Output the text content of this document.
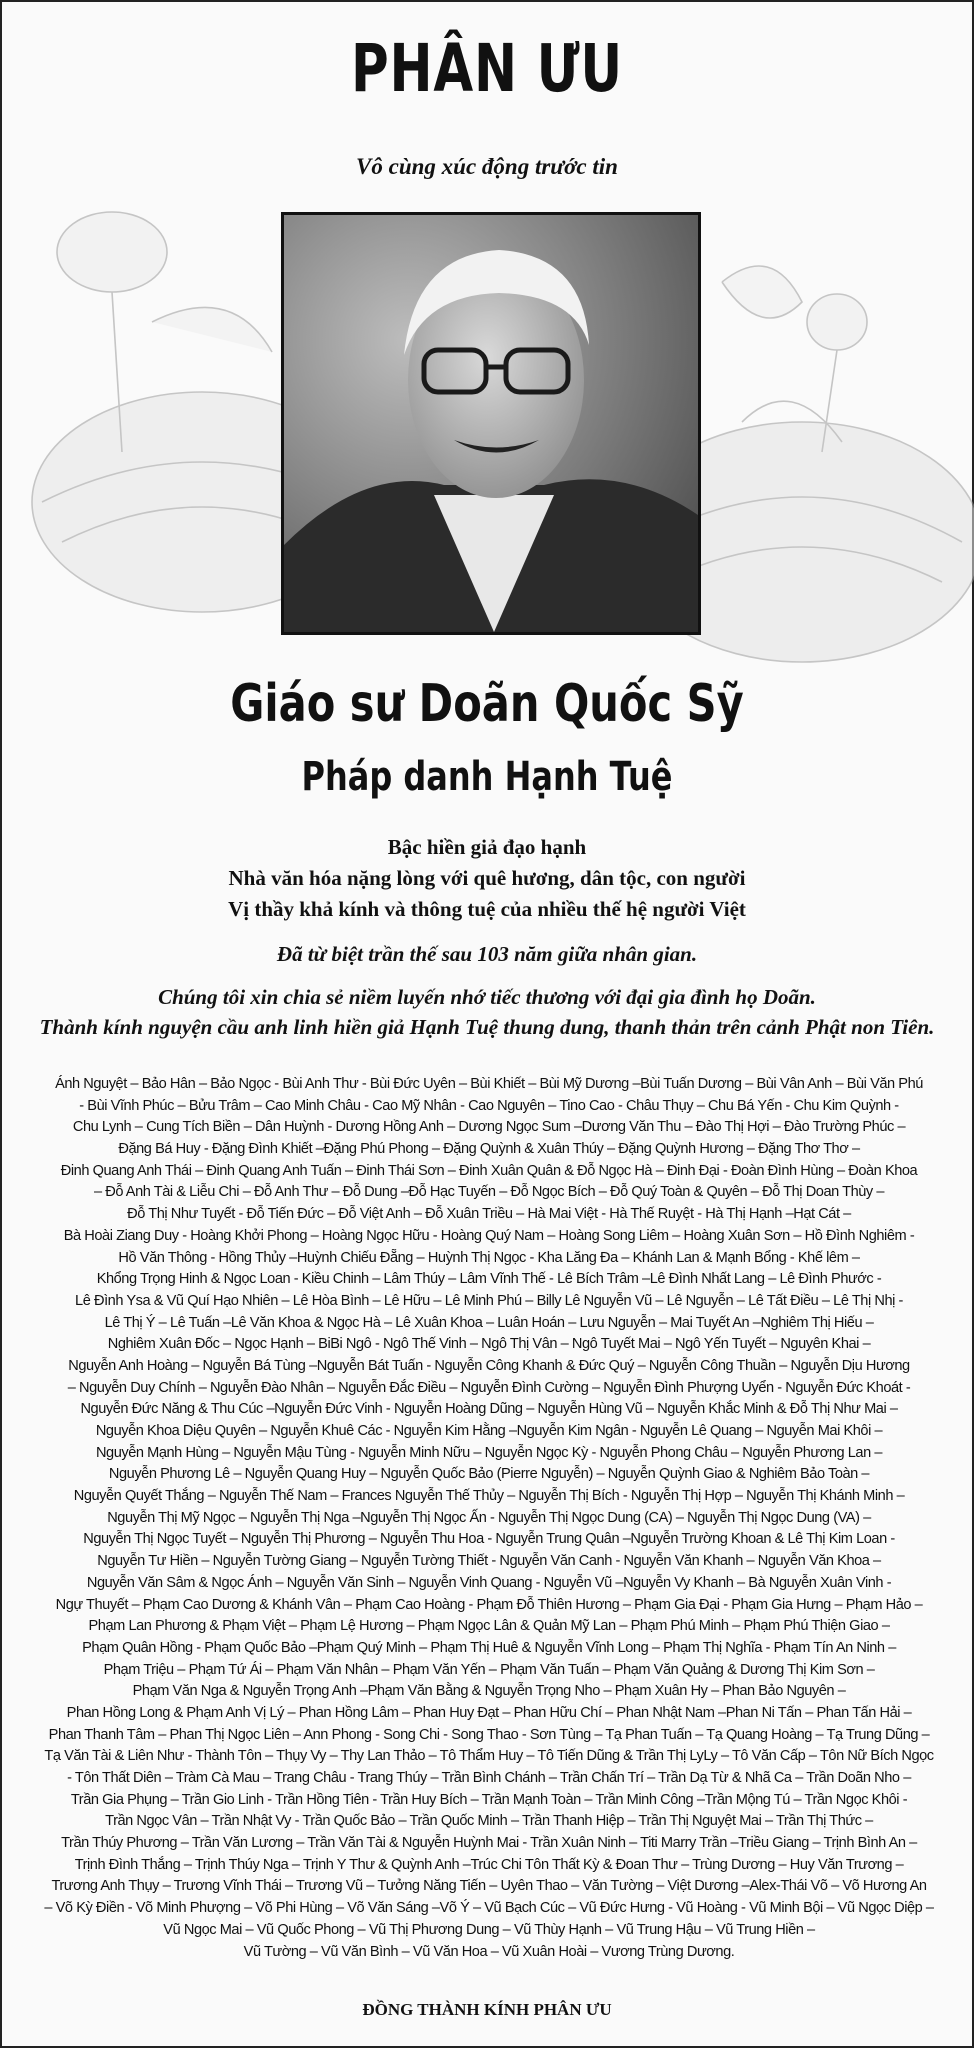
PHÂN ƯU
Vô cùng xúc động trước tin
Giáo sư Doãn Quốc Sỹ
Pháp danh Hạnh Tuệ
Bậc hiền giả đạo hạnh
Nhà văn hóa nặng lòng với quê hương, dân tộc, con người
Vị thầy khả kính và thông tuệ của nhiều thế hệ người Việt
Đã từ biệt trần thế sau 103 năm giữa nhân gian.
Chúng tôi xin chia sẻ niềm luyến nhớ tiếc thương với đại gia đình họ Doãn.
Thành kính nguyện cầu anh linh hiền giả Hạnh Tuệ thung dung, thanh thản trên cảnh Phật non Tiên.
Ánh Nguyệt – Bảo Hân – Bảo Ngọc - Bùi Anh Thư - Bùi Đức Uyên – Bùi Khiết – Bùi Mỹ Dương –Bùi Tuấn Dương – Bùi Vân Anh – Bùi Văn Phú
- Bùi Vĩnh Phúc – Bửu Trâm – Cao Minh Châu - Cao Mỹ Nhân - Cao Nguyên – Tino Cao - Châu Thụy – Chu Bá Yến - Chu Kim Quỳnh -
Chu Lynh – Cung Tích Biền – Dân Huỳnh - Dương Hồng Anh – Dương Ngọc Sum –Dương Văn Thu – Đào Thị Hợi – Đào Trường Phúc –
Đặng Bá Huy - Đặng Đình Khiết –Đặng Phú Phong – Đặng Quỳnh & Xuân Thúy – Đặng Quỳnh Hương – Đặng Thơ Thơ –
Đinh Quang Anh Thái – Đinh Quang Anh Tuấn – Đinh Thái Sơn – Đinh Xuân Quân & Đỗ Ngọc Hà – Đinh Đại - Đoàn Đình Hùng – Đoàn Khoa
– Đỗ Anh Tài & Liễu Chi – Đỗ Anh Thư – Đỗ Dung –Đỗ Hạc Tuyến – Đỗ Ngọc Bích – Đỗ Quý Toàn & Quyên – Đỗ Thị Doan Thùy –
Đỗ Thị Như Tuyết - Đỗ Tiến Đức – Đỗ Việt Anh – Đỗ Xuân Triều – Hà Mai Việt - Hà Thế Ruyệt - Hà Thị Hạnh –Hạt Cát –
Bà Hoài Ziang Duy - Hoàng Khởi Phong – Hoàng Ngọc Hữu - Hoàng Quý Nam – Hoàng Song Liêm – Hoàng Xuân Sơn – Hồ Đình Nghiêm -
Hồ Văn Thông - Hồng Thủy –Huỳnh Chiếu Đẵng – Huỳnh Thị Ngọc - Kha Lăng Đa – Khánh Lan & Mạnh Bổng - Khế lêm –
Khổng Trọng Hinh & Ngọc Loan - Kiều Chinh – Lâm Thúy – Lâm Vĩnh Thế - Lê Bích Trâm –Lê Đình Nhất Lang – Lê Đình Phước -
Lê Đình Ysa & Vũ Quí Hạo Nhiên – Lê Hòa Bình – Lê Hữu – Lê Minh Phú – Billy Lê Nguyễn Vũ – Lê Nguyễn – Lê Tất Điều – Lê Thị Nhị -
Lê Thị Ý – Lê Tuấn –Lê Văn Khoa & Ngọc Hà – Lê Xuân Khoa – Luân Hoán – Lưu Nguyễn – Mai Tuyết An –Nghiêm Thị Hiếu –
Nghiêm Xuân Đốc – Ngọc Hạnh – BiBi Ngô - Ngô Thế Vinh – Ngô Thị Vân – Ngô Tuyết Mai – Ngô Yến Tuyết – Nguyên Khai –
Nguyễn Anh Hoàng – Nguyễn Bá Tùng –Nguyễn Bát Tuấn - Nguyễn Công Khanh & Đức Quý – Nguyễn Công Thuần – Nguyễn Dịu Hương
– Nguyễn Duy Chính – Nguyễn Đào Nhân – Nguyễn Đắc Điều – Nguyễn Đình Cường – Nguyễn Đình Phượng Uyển - Nguyễn Đức Khoát -
Nguyễn Đức Năng & Thu Cúc –Nguyễn Đức Vinh - Nguyễn Hoàng Dũng – Nguyễn Hùng Vũ – Nguyễn Khắc Minh & Đỗ Thị Như Mai –
Nguyễn Khoa Diệu Quyên – Nguyễn Khuê Các - Nguyễn Kim Hằng –Nguyễn Kim Ngân - Nguyễn Lê Quang – Nguyễn Mai Khôi –
Nguyễn Mạnh Hùng – Nguyễn Mậu Tùng - Nguyễn Minh Nữu – Nguyễn Ngọc Kỳ - Nguyễn Phong Châu – Nguyễn Phương Lan –
Nguyễn Phương Lê – Nguyễn Quang Huy – Nguyễn Quốc Bảo (Pierre Nguyễn) – Nguyễn Quỳnh Giao & Nghiêm Bảo Toàn –
Nguyễn Quyết Thắng – Nguyễn Thế Nam – Frances Nguyễn Thế Thủy – Nguyễn Thị Bích - Nguyễn Thị Hợp – Nguyễn Thị Khánh Minh –
Nguyễn Thị Mỹ Ngọc – Nguyễn Thị Nga –Nguyễn Thị Ngọc Ấn - Nguyễn Thị Ngọc Dung (CA) – Nguyễn Thị Ngọc Dung (VA) –
Nguyễn Thị Ngọc Tuyết – Nguyễn Thị Phương – Nguyễn Thu Hoa - Nguyễn Trung Quân –Nguyễn Trường Khoan & Lê Thị Kim Loan -
Nguyễn Tư Hiền – Nguyễn Tường Giang – Nguyễn Tường Thiết - Nguyễn Văn Canh - Nguyễn Văn Khanh – Nguyễn Văn Khoa –
Nguyễn Văn Sâm & Ngọc Ánh – Nguyễn Văn Sinh – Nguyễn Vinh Quang - Nguyễn Vũ –Nguyễn Vy Khanh – Bà Nguyễn Xuân Vinh -
Ngự Thuyết – Phạm Cao Dương & Khánh Vân – Phạm Cao Hoàng - Phạm Đỗ Thiên Hương – Phạm Gia Đại - Phạm Gia Hưng – Phạm Hảo –
Phạm Lan Phương & Phạm Việt – Phạm Lệ Hương – Phạm Ngọc Lân & Quản Mỹ Lan – Phạm Phú Minh – Phạm Phú Thiện Giao –
Phạm Quân Hồng - Phạm Quốc Bảo –Phạm Quý Minh – Phạm Thị Huê & Nguyễn Vĩnh Long – Phạm Thị Nghĩa - Phạm Tín An Ninh –
Phạm Triệu – Phạm Tứ Ái – Phạm Văn Nhân – Phạm Văn Yến – Phạm Văn Tuấn – Phạm Văn Quảng & Dương Thị Kim Sơn –
Phạm Văn Nga & Nguyễn Trọng Anh –Phạm Văn Bằng & Nguyễn Trọng Nho – Phạm Xuân Hy – Phan Bảo Nguyên –
Phan Hồng Long & Phạm Anh Vị Lý – Phan Hồng Lâm – Phan Huy Đạt – Phan Hữu Chí – Phan Nhật Nam –Phan Ni Tấn – Phan Tấn Hải –
Phan Thanh Tâm – Phan Thị Ngọc Liên – Ann Phong - Song Chi - Song Thao - Sơn Tùng – Tạ Phan Tuấn – Tạ Quang Hoàng – Tạ Trung Dũng –
Tạ Văn Tài & Liên Như - Thành Tôn – Thụy Vy – Thy Lan Thảo – Tô Thẩm Huy – Tô Tiến Dũng & Trần Thị LyLy – Tô Văn Cấp – Tôn Nữ Bích Ngọc
- Tôn Thất Diên – Tràm Cà Mau – Trang Châu - Trang Thúy – Trần Bình Chánh – Trần Chấn Trí – Trần Dạ Từ & Nhã Ca – Trần Doãn Nho –
Trần Gia Phụng – Trần Gio Linh - Trần Hồng Tiên - Trần Huy Bích – Trần Mạnh Toàn – Trần Minh Công –Trần Mộng Tú – Trần Ngọc Khôi -
Trần Ngọc Vân – Trần Nhật Vy - Trần Quốc Bảo – Trần Quốc Minh – Trần Thanh Hiệp – Trần Thị Nguyệt Mai – Trần Thị Thức –
Trần Thúy Phương – Trần Văn Lương – Trần Văn Tài & Nguyễn Huỳnh Mai - Trần Xuân Ninh – Titi Marry Trần –Triều Giang – Trịnh Bình An –
Trịnh Đình Thắng – Trịnh Thúy Nga – Trịnh Y Thư & Quỳnh Anh –Trúc Chi Tôn Thất Kỳ & Đoan Thư – Trùng Dương – Huy Văn Trương –
Trương Anh Thụy – Trương Vĩnh Thái – Trương Vũ – Tưởng Năng Tiến – Uyên Thao – Văn Tường – Việt Dương –Alex-Thái Võ – Võ Hương An
– Võ Kỳ Điền - Võ Minh Phượng – Võ Phi Hùng – Võ Văn Sáng –Võ Ý – Vũ Bạch Cúc – Vũ Đức Hưng - Vũ Hoàng - Vũ Minh Bội – Vũ Ngọc Diệp –
Vũ Ngọc Mai – Vũ Quốc Phong – Vũ Thị Phương Dung – Vũ Thùy Hạnh – Vũ Trung Hậu – Vũ Trung Hiền –
Vũ Tường – Vũ Văn Bình – Vũ Văn Hoa – Vũ Xuân Hoài – Vương Trùng Dương.
ĐỒNG THÀNH KÍNH PHÂN ƯU
